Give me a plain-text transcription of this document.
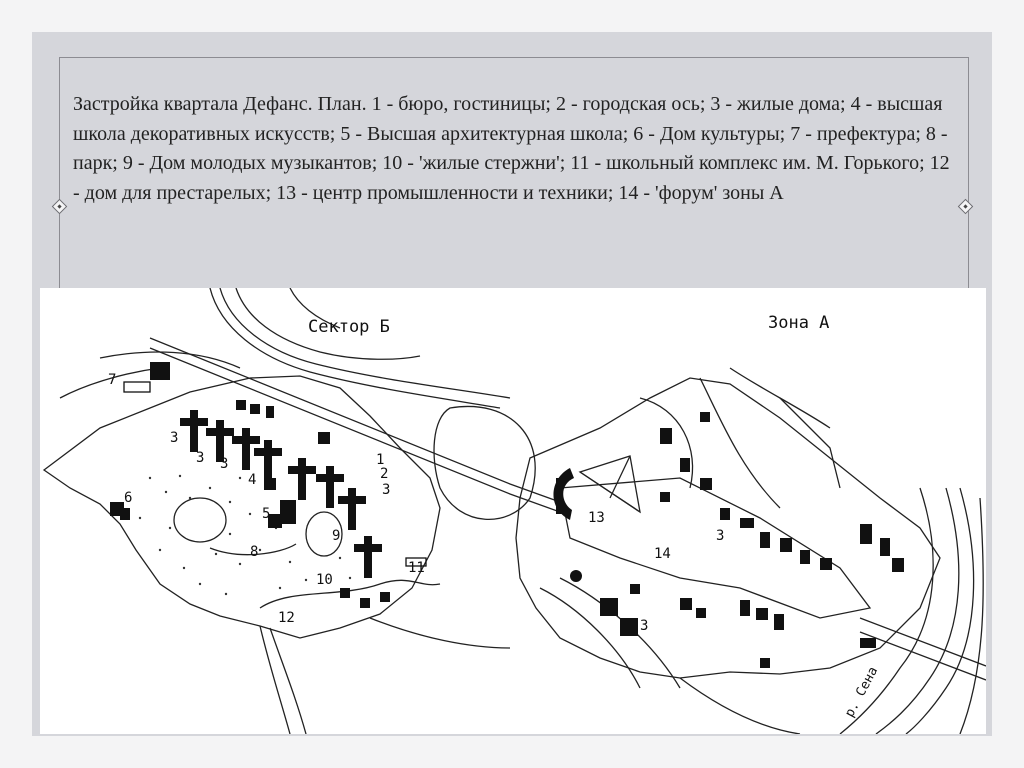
Застройка квартала Дефанс. План. 1 - бюро, гостиницы; 2 - городская ось; 3 - жилые дома; 4 - высшая школа декоративных искусств; 5 - Высшая архитектурная школа; 6 - Дом культуры; 7 - префектура; 8 - парк; 9 - Дом молодых музыкантов; 10 - 'жилые стержни'; 11 - школьный комплекс им. М. Горького; 12 - дом для престарелых; 13 - центр промышленности и техники; 14 - 'форум' зоны А

Сектор Б	Зона А
1
2
3
3
3 3
3
3
4
5
6
7
8
9
10
11
12
13
14
р. Сена
